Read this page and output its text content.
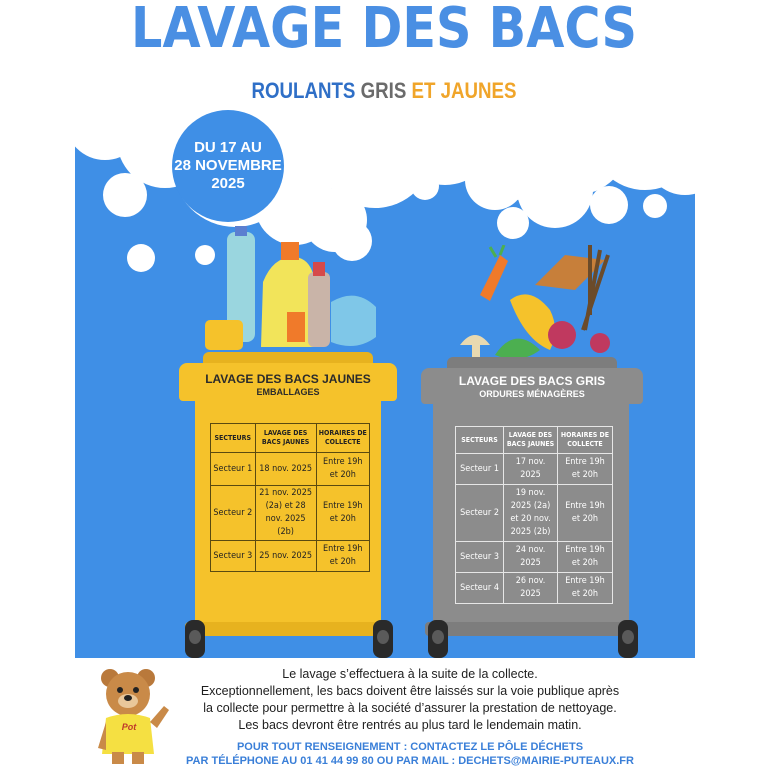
LAVAGE DES BACS
ROULANTS GRIS ET JAUNES
LAVAGE DES BACS JAUNES
EMBALLAGES
SECTEURS	LAVAGE DES BACS JAUNES	HORAIRES DE COLLECTE
Secteur 1	18 nov. 2025	Entre 19h et 20h
Secteur 2	21 nov. 2025 (2a) et 28 nov. 2025 (2b)	Entre 19h et 20h
Secteur 3	25 nov. 2025	Entre 19h et 20h
LAVAGE DES BACS GRIS
ORDURES MÉNAGÈRES
SECTEURS	LAVAGE DES BACS JAUNES	HORAIRES DE COLLECTE
Secteur 1	17 nov. 2025	Entre 19h et 20h
Secteur 2	19 nov. 2025 (2a) et 20 nov. 2025 (2b)	Entre 19h et 20h
Secteur 3	24 nov. 2025	Entre 19h et 20h
Secteur 4	26 nov. 2025	Entre 19h et 20h
DU 17 AU
28 NOVEMBRE
2025
Pot
Le lavage s’effectuera à la suite de la collecte.
Exceptionnellement, les bacs doivent être laissés sur la voie publique après
la collecte pour permettre à la société d’assurer la prestation de nettoyage.
Les bacs devront être rentrés au plus tard le lendemain matin.
POUR TOUT RENSEIGNEMENT : CONTACTEZ LE PÔLE DÉCHETS
PAR TÉLÉPHONE AU 01 41 44 99 80 OU PAR MAIL : DECHETS@MAIRIE-PUTEAUX.FR
